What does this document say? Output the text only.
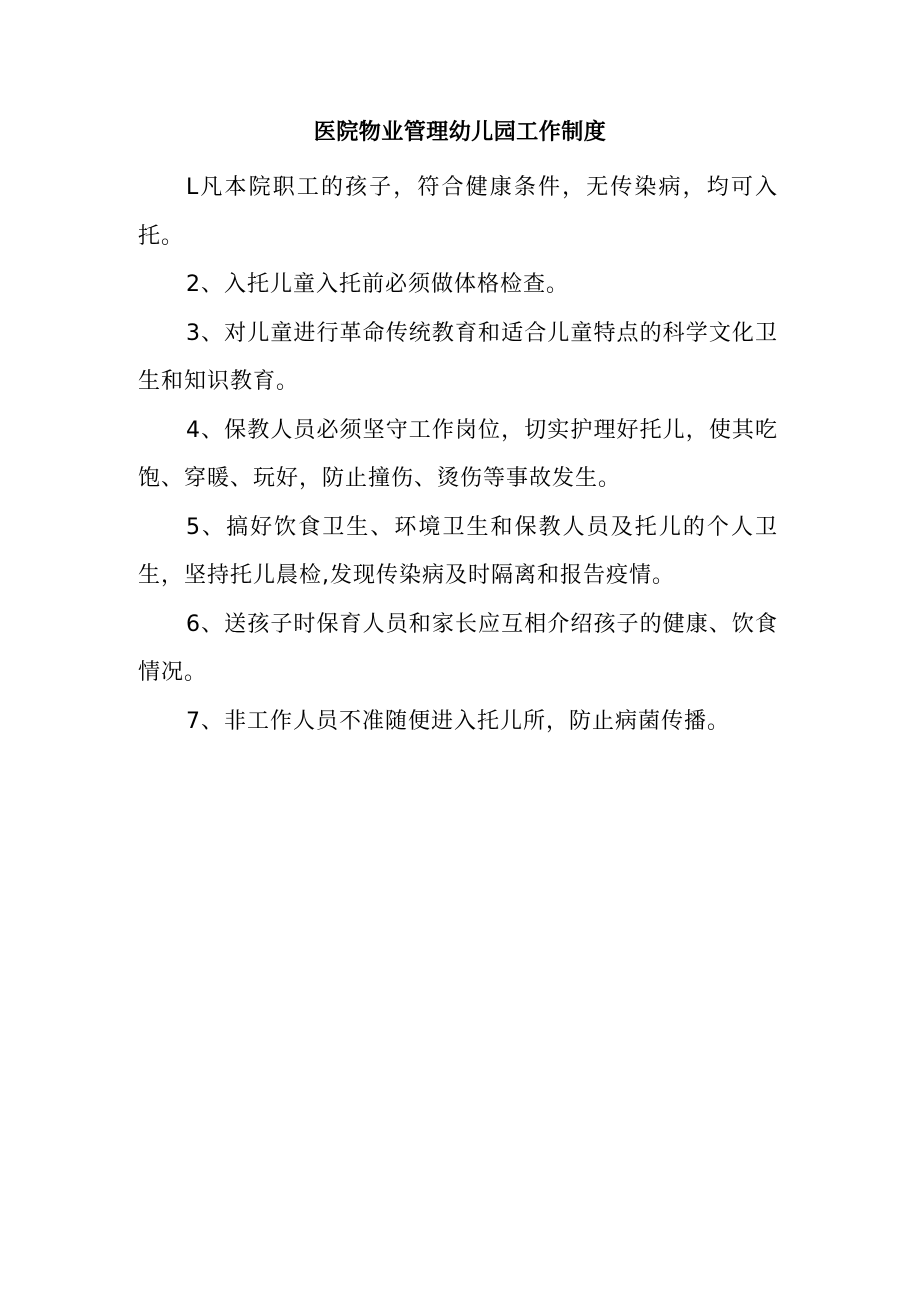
医院物业管理幼儿园工作制度

L凡本院职工的孩子，符合健康条件，无传染病，均可入托。

2、入托儿童入托前必须做体格检查。

3、对儿童进行革命传统教育和适合儿童特点的科学文化卫生和知识教育。

4、保教人员必须坚守工作岗位，切实护理好托儿，使其吃饱、穿暖、玩好，防止撞伤、烫伤等事故发生。

5、搞好饮食卫生、环境卫生和保教人员及托儿的个人卫生，坚持托儿晨检,发现传染病及时隔离和报告疫情。

6、送孩子时保育人员和家长应互相介绍孩子的健康、饮食情况。

7、非工作人员不准随便进入托儿所，防止病菌传播。
